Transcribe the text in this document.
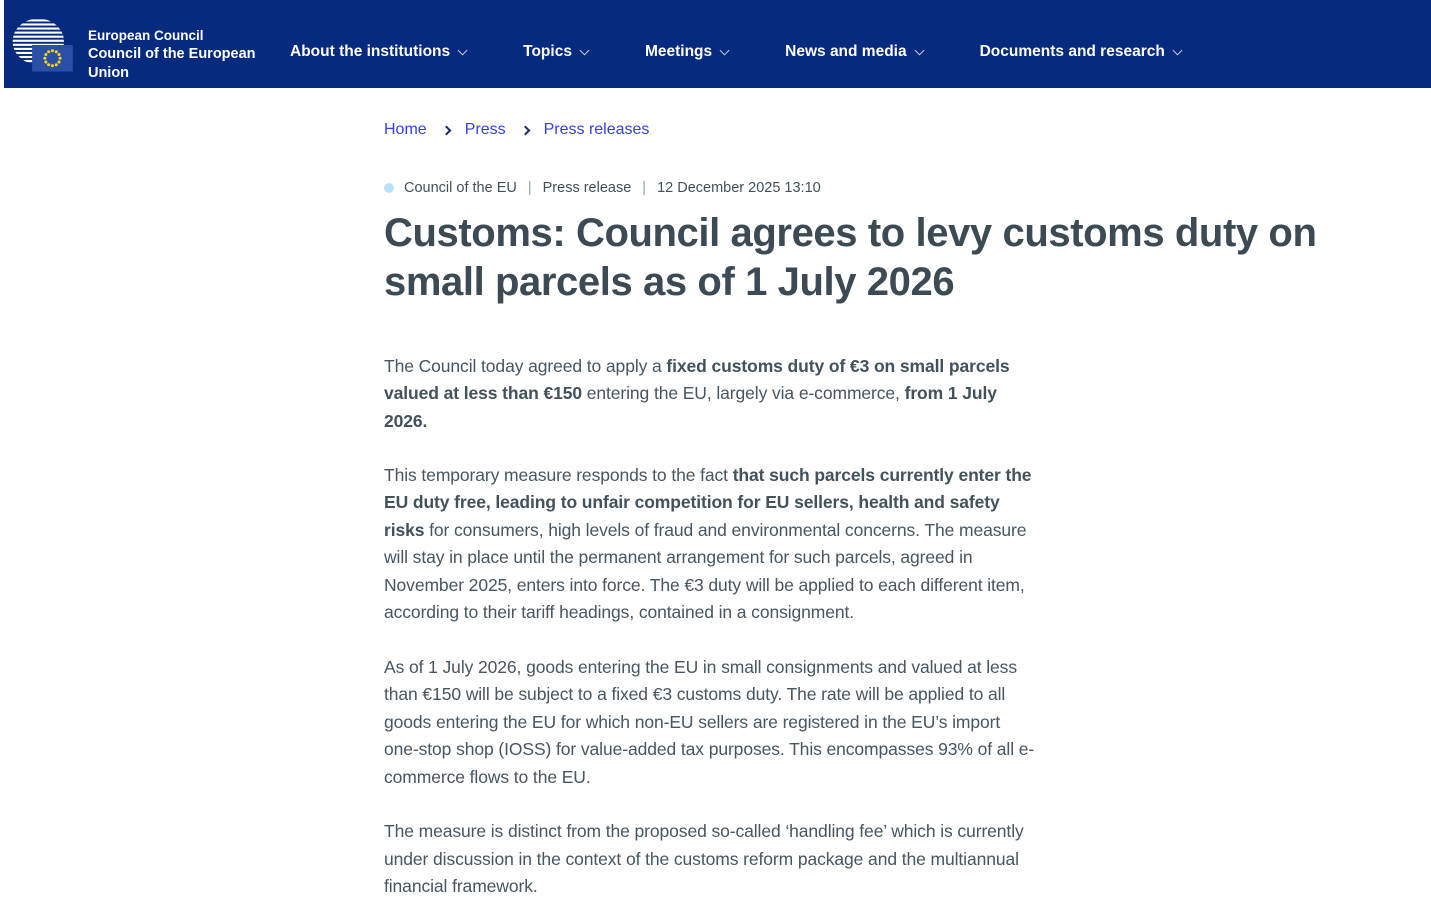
European Council
Council of the European Union
About the institutions	Topics	Meetings	News and media	Documents and research
Home Press Press releases
Council of the EU | Press release | 12 December 2025 13:10
Customs: Council agrees to levy customs duty on small parcels as of 1 July 2026

The Council today agreed to apply a fixed customs duty of €3 on small parcels valued at less than €150 entering the EU, largely via e-commerce, from 1 July 2026.

This temporary measure responds to the fact that such parcels currently enter the EU duty free, leading to unfair competition for EU sellers, health and safety risks for consumers, high levels of fraud and environmental concerns. The measure will stay in place until the permanent arrangement for such parcels, agreed in November 2025, enters into force. The €3 duty will be applied to each different item, according to their tariff headings, contained in a consignment.

As of 1 July 2026, goods entering the EU in small consignments and valued at less than €150 will be subject to a fixed €3 customs duty. The rate will be applied to all goods entering the EU for which non-EU sellers are registered in the EU’s import one-stop shop (IOSS) for value-added tax purposes. This encompasses 93% of all e-commerce flows to the EU.

The measure is distinct from the proposed so-called ‘handling fee’ which is currently under discussion in the context of the customs reform package and the multiannual financial framework.
